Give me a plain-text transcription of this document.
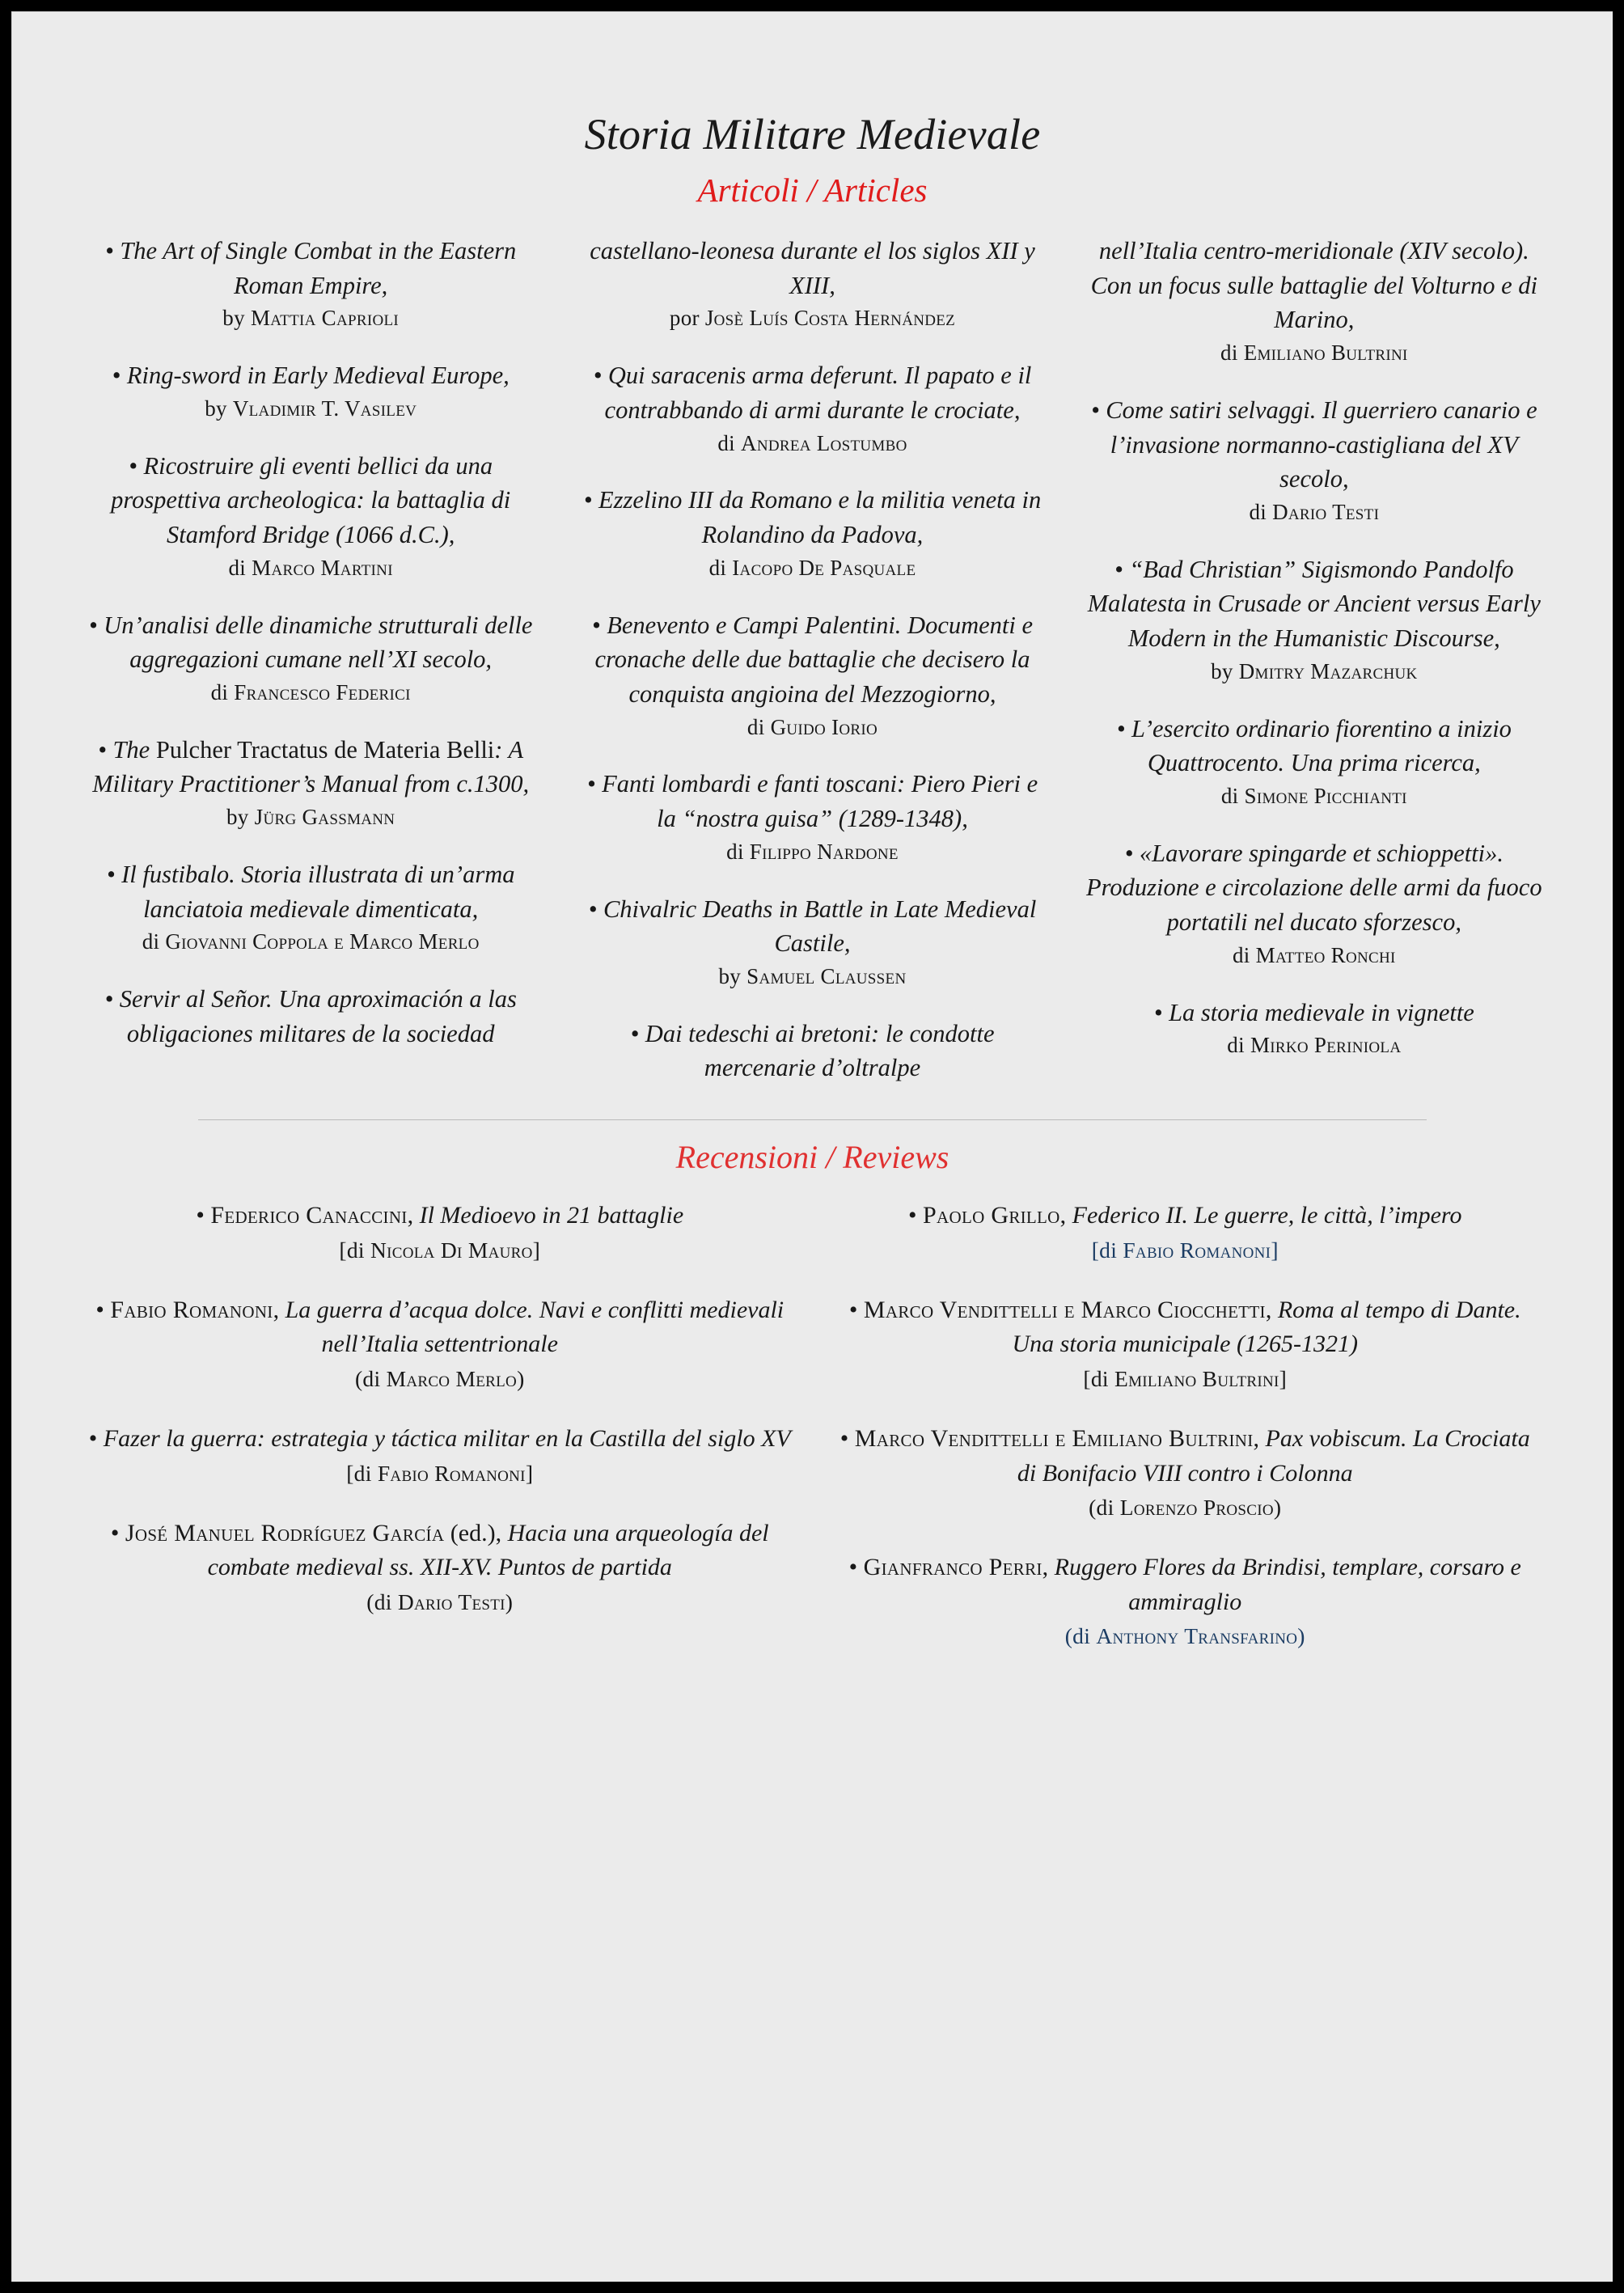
Storia Militare Medievale
Articoli / Articles

• The Art of Single Combat in the Eastern Roman Empire,
by Mattia Caprioli

• Ring-sword in Early Medieval Europe,
by Vladimir T. Vasilev

• Ricostruire gli eventi bellici da una prospettiva archeologica: la battaglia di Stamford Bridge (1066 d.C.),
di Marco Martini

• Un’analisi delle dinamiche strutturali delle aggregazioni cumane nell’XI secolo,
di Francesco Federici

• The Pulcher Tractatus de Materia Belli: A Military Practitioner’s Manual from c.1300,
by Jürg Gassmann

• Il fustibalo. Storia illustrata di un’arma lanciatoia medievale dimenticata,
di Giovanni Coppola e Marco Merlo

• Servir al Señor. Una aproximación a las obligaciones militares de la sociedad

castellano-leonesa durante el los siglos XII y XIII,
por Josè Luís Costa Hernández

• Qui saracenis arma deferunt. Il papato e il contrabbando di armi durante le crociate,
di Andrea Lostumbo

• Ezzelino III da Romano e la militia veneta in Rolandino da Padova,
di Iacopo De Pasquale

• Benevento e Campi Palentini. Documenti e cronache delle due battaglie che decisero la conquista angioina del Mezzogiorno,
di Guido Iorio

• Fanti lombardi e fanti toscani: Piero Pieri e la “nostra guisa” (1289-1348),
di Filippo Nardone

• Chivalric Deaths in Battle in Late Medieval Castile,
by Samuel Claussen

• Dai tedeschi ai bretoni: le condotte mercenarie d’oltralpe

nell’Italia centro-meridionale (XIV secolo). Con un focus sulle battaglie del Volturno e di Marino,
di Emiliano Bultrini

• Come satiri selvaggi. Il guerriero canario e l’invasione normanno-castigliana del XV secolo,
di Dario Testi

• “Bad Christian” Sigismondo Pandolfo Malatesta in Crusade or Ancient versus Early Modern in the Humanistic Discourse,
by Dmitry Mazarchuk

• L’esercito ordinario fiorentino a inizio Quattrocento. Una prima ricerca,
di Simone Picchianti

• «Lavorare spingarde et schioppetti». Produzione e circolazione delle armi da fuoco portatili nel ducato sforzesco,
di Matteo Ronchi

• La storia medievale in vignette
di Mirko Periniola

Recensioni / Reviews

• Federico Canaccini, Il Medioevo in 21 battaglie
[di Nicola Di Mauro]

• Fabio Romanoni, La guerra d’acqua dolce. Navi e conflitti medievali nell’Italia settentrionale
(di Marco Merlo)

• Fazer la guerra: estrategia y táctica militar en la Castilla del siglo XV
[di Fabio Romanoni]

• José Manuel Rodríguez García (ed.), Hacia una arqueología del combate medieval ss. XII-XV. Puntos de partida
(di Dario Testi)

• Paolo Grillo, Federico II. Le guerre, le città, l’impero
[di Fabio Romanoni]

• Marco Vendittelli e Marco Ciocchetti, Roma al tempo di Dante. Una storia municipale (1265-1321)
[di Emiliano Bultrini]

• Marco Vendittelli e Emiliano Bultrini, Pax vobiscum. La Crociata di Bonifacio VIII contro i Colonna
(di Lorenzo Proscio)

• Gianfranco Perri, Ruggero Flores da Brindisi, templare, corsaro e ammiraglio
(di Anthony Transfarino)
